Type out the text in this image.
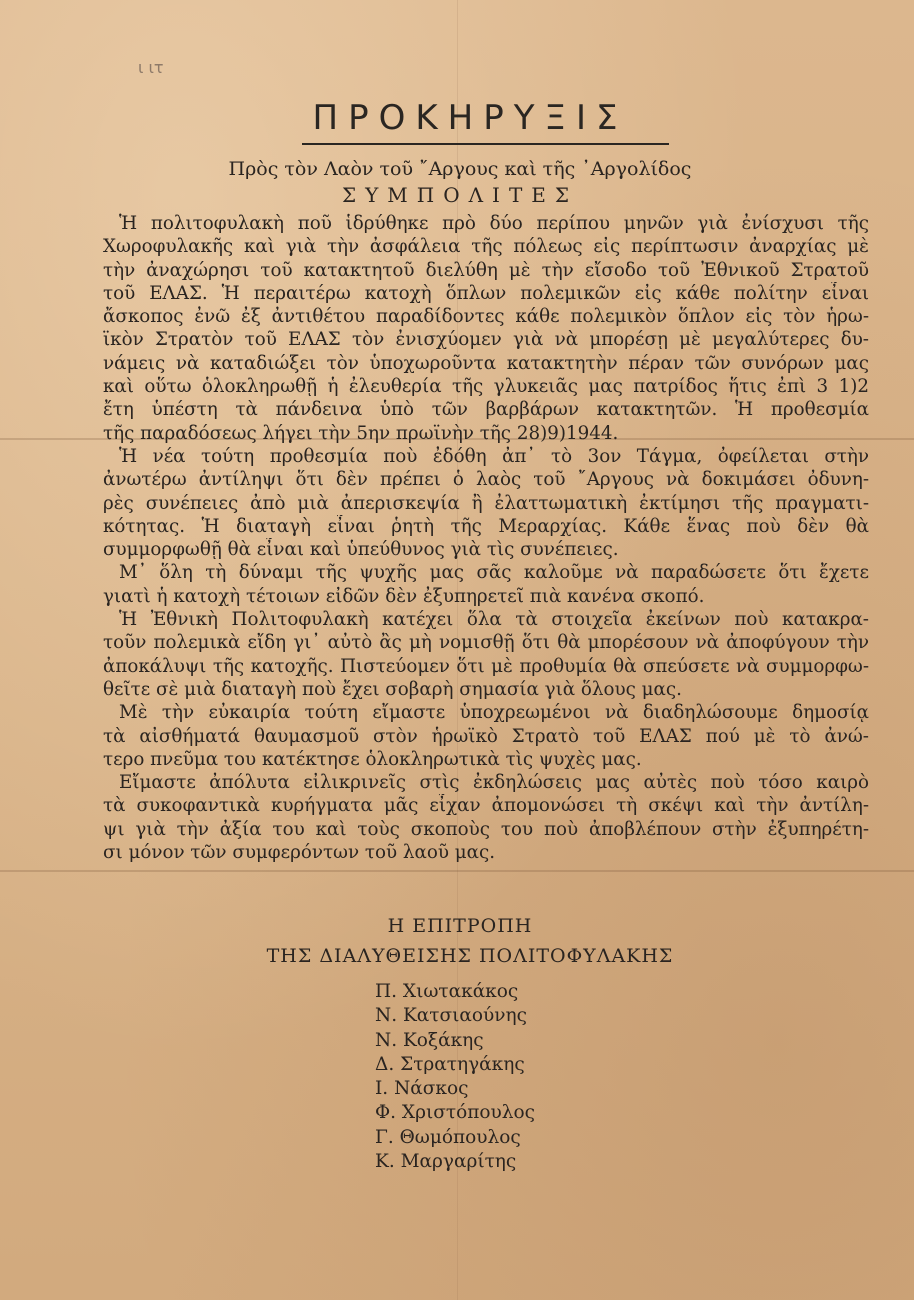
ι ιτ
ΠΡΟΚΗΡΥΞΙΣ
Πρὸς τὸν Λαὸν τοῦ ῎Αργους καὶ τῆς ᾽Αργολίδος
ΣΥΜΠΟΛΙΤΕΣ
Ἡ πολιτοφυλακὴ ποῦ ἱδρύθηκε πρὸ δύο περίπου μηνῶν γιὰ ἐνίσχυσι τῆς
Χωροφυλακῆς καὶ γιὰ τὴν ἀσφάλεια τῆς πόλεως εἰς περίπτωσιν ἀναρχίας μὲ
τὴν ἀναχώρησι τοῦ κατακτητοῦ διελύθη μὲ τὴν εἴσοδο τοῦ Ἐθνικοῦ Στρατοῦ
τοῦ ΕΛΑΣ. Ἡ περαιτέρω κατοχὴ ὅπλων πολεμικῶν εἰς κάθε πολίτην εἶναι
ἄσκοπος ἐνῶ ἐξ ἀντιθέτου παραδίδοντες κάθε πολεμικὸν ὅπλον εἰς τὸν ἡρω-
ϊκὸν Στρατὸν τοῦ ΕΛΑΣ τὸν ἐνισχύομεν γιὰ νὰ μπορέσῃ μὲ μεγαλύτερες δυ-
νάμεις νὰ καταδιώξει τὸν ὑποχωροῦντα κατακτητὴν πέραν τῶν συνόρων μας
καὶ οὕτω ὁλοκληρωθῇ ἡ ἐλευθερία τῆς γλυκειᾶς μας πατρίδος ἥτις ἐπὶ 3 1)2
ἔτη ὑπέστη τὰ πάνδεινα ὑπὸ τῶν βαρβάρων κατακτητῶν. Ἡ προθεσμία
τῆς παραδόσεως λήγει τὴν 5ην πρωϊνὴν τῆς 28)9)1944.
Ἡ νέα τούτη προθεσμία ποὺ ἐδόθη ἀπ᾽ τὸ 3ον Τάγμα, ὀφείλεται στὴν
ἀνωτέρω ἀντίληψι ὅτι δὲν πρέπει ὁ λαὸς τοῦ ῎Αργους νὰ δοκιμάσει ὀδυνη-
ρὲς συνέπειες ἀπὸ μιὰ ἀπερισκεψία ἢ ἐλαττωματικὴ ἐκτίμησι τῆς πραγματι-
κότητας. Ἡ διαταγὴ εἶναι ῥητὴ τῆς Μεραρχίας. Κάθε ἕνας ποὺ δὲν θὰ
συμμορφωθῇ θὰ εἶναι καὶ ὑπεύθυνος γιὰ τὶς συνέπειες.
Μ᾽ ὅλη τὴ δύναμι τῆς ψυχῆς μας σᾶς καλοῦμε νὰ παραδώσετε ὅτι ἔχετε
γιατὶ ἡ κατοχὴ τέτοιων εἰδῶν δὲν ἐξυπηρετεῖ πιὰ κανένα σκοπό.
Ἡ Ἐθνικὴ Πολιτοφυλακὴ κατέχει ὅλα τὰ στοιχεῖα ἐκείνων ποὺ κατακρα-
τοῦν πολεμικὰ εἴδη γι᾽ αὐτὸ ἂς μὴ νομισθῇ ὅτι θὰ μπορέσουν νὰ ἀποφύγουν τὴν
ἀποκάλυψι τῆς κατοχῆς. Πιστεύομεν ὅτι μὲ προθυμία θὰ σπεύσετε νὰ συμμορφω-
θεῖτε σὲ μιὰ διαταγὴ ποὺ ἔχει σοβαρὴ σημασία γιὰ ὅλους μας.
Μὲ τὴν εὐκαιρία τούτη εἴμαστε ὑποχρεωμένοι νὰ διαδηλώσουμε δημοσίᾳ
τὰ αἰσθήματά θαυμασμοῦ στὸν ἡρωϊκὸ Στρατὸ τοῦ ΕΛΑΣ πού μὲ τὸ ἀνώ-
τερο πνεῦμα του κατέκτησε ὁλοκληρωτικὰ τὶς ψυχὲς μας.
Εἴμαστε ἀπόλυτα εἰλικρινεῖς στὶς ἐκδηλώσεις μας αὐτὲς ποὺ τόσο καιρὸ
τὰ συκοφαντικὰ κυρήγματα μᾶς εἶχαν ἀπομονώσει τὴ σκέψι καὶ τὴν ἀντίλη-
ψι γιὰ τὴν ἀξία του καὶ τοὺς σκοποὺς του ποὺ ἀποβλέπουν στὴν ἐξυπηρέτη-
σι μόνον τῶν συμφερόντων τοῦ λαοῦ μας.
Η ΕΠΙΤΡΟΠΗ
ΤΗΣ ΔΙΑΛΥΘΕΙΣΗΣ ΠΟΛΙΤΟΦΥΛΑΚΗΣ
Π. Χιωτακάκος
Ν. Κατσιαούνης
Ν. Κοξάκης
Δ. Στρατηγάκης
Ι. Νάσκος
Φ. Χριστόπουλος
Γ. Θωμόπουλος
Κ. Μαργαρίτης
